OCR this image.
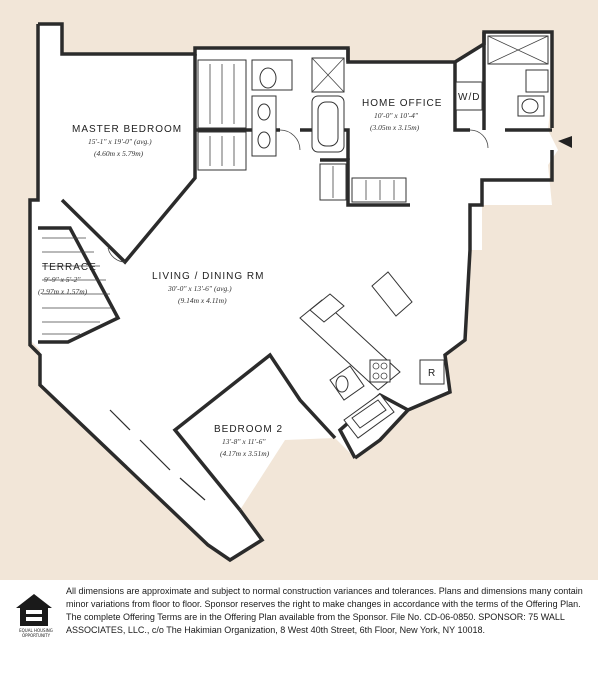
MASTER BEDROOM
15'-1" x 19'-0" (avg.)
(4.60m x 5.79m)
HOME OFFICE
10'-0" x 10'-4"
(3.05m x 3.15m)
TERRACE
9'-9" x 5'-2"
(2.97m x 1.57m)
LIVING / DINING RM
30'-0" x 13'-6" (avg.)
(9.14m x 4.11m)
BEDROOM 2
13'-8" x 11'-6"
(4.17m x 3.51m)
W/D
R
EQUAL HOUSING OPPORTUNITY

All dimensions are approximate and subject to normal construction variances and tolerances. Plans and dimensions many contain minor variations from floor to floor. Sponsor reserves the right to make changes in accordance with the terms of the Offering Plan. The complete Offering Terms are in the Offering Plan available from the Sponsor. File No. CD-06-0850. SPONSOR: 75 WALL ASSOCIATES, LLC., c/o The Hakimian Organization, 8 West 40th Street, 6th Floor, New York, NY 10018.
